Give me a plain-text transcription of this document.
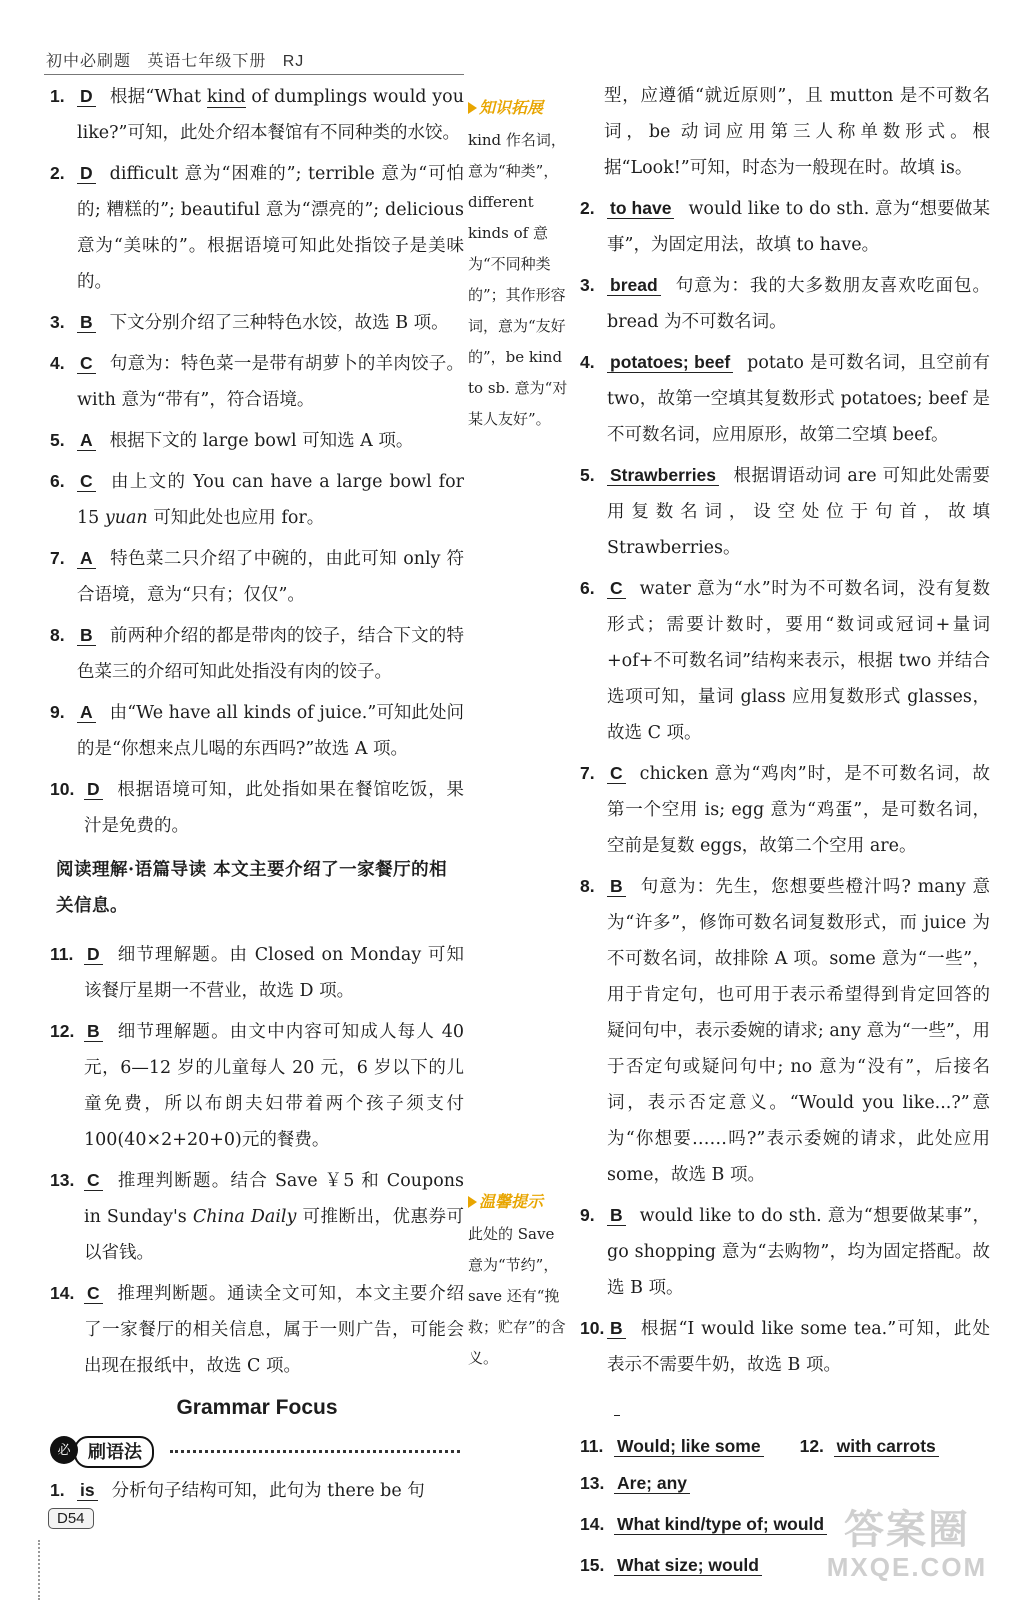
初中必刷题 英语七年级下册 RJ
1. D 根据“What kind of dumplings would you like?”可知，此处介绍本餐馆有不同种类的水饺。
2. D difficult 意为“困难的”; terrible 意为“可怕的; 糟糕的”; beautiful 意为“漂亮的”; delicious 意为“美味的”。根据语境可知此处指饺子是美味的。
3. B 下文分别介绍了三种特色水饺，故选 B 项。
4. C 句意为：特色菜一是带有胡萝卜的羊肉饺子。with 意为“带有”，符合语境。
5. A 根据下文的 large bowl 可知选 A 项。
6. C 由上文的 You can have a large bowl for 15 yuan 可知此处也应用 for。
7. A 特色菜二只介绍了中碗的，由此可知 only 符合语境，意为“只有；仅仅”。
8. B 前两种介绍的都是带肉的饺子，结合下文的特色菜三的介绍可知此处指没有肉的饺子。
9. A 由“We have all kinds of juice.”可知此处问的是“你想来点儿喝的东西吗?”故选 A 项。
10. D 根据语境可知，此处指如果在餐馆吃饭，果汁是免费的。
阅读理解·语篇导读 本文主要介绍了一家餐厅的相关信息。
11. D 细节理解题。由 Closed on Monday 可知该餐厅星期一不营业，故选 D 项。
12. B 细节理解题。由文中内容可知成人每人 40 元，6—12 岁的儿童每人 20 元，6 岁以下的儿童免费，所以布朗夫妇带着两个孩子须支付 100(40×2+20+0)元的餐费。
13. C 推理判断题。结合 Save ￥5 和 Coupons in Sunday's China Daily 可推断出，优惠券可以省钱。
14. C 推理判断题。通读全文可知，本文主要介绍了一家餐厅的相关信息，属于一则广告，可能会出现在报纸中，故选 C 项。
Grammar Focus
刷语法
必
1. is 分析句子结构可知，此句为 there be 句
知识拓展
kind 作名词，意为“种类”，different kinds of 意为“不同种类的”；其作形容词，意为“友好的”，be kind to sb. 意为“对某人友好”。
温馨提示
此处的 Save 意为“节约”，save 还有“挽救；贮存”的含义。
型，应遵循“就近原则”，且 mutton 是不可数名词，be 动词应用第三人称单数形式。根据“Look!”可知，时态为一般现在时。故填 is。
2. to have would like to do sth. 意为“想要做某事”，为固定用法，故填 to have。
3. bread 句意为：我的大多数朋友喜欢吃面包。bread 为不可数名词。
4. potatoes; beef potato 是可数名词，且空前有 two，故第一空填其复数形式 potatoes; beef 是不可数名词，应用原形，故第二空填 beef。
5. Strawberries 根据谓语动词 are 可知此处需要用复数名词，设空处位于句首，故填 Strawberries。
6. C water 意为“水”时为不可数名词，没有复数形式；需要计数时，要用“数词或冠词+量词+of+不可数名词”结构来表示，根据 two 并结合选项可知，量词 glass 应用复数形式 glasses，故选 C 项。
7. C chicken 意为“鸡肉”时，是不可数名词，故第一个空用 is; egg 意为“鸡蛋”，是可数名词，空前是复数 eggs，故第二个空用 are。
8. B 句意为：先生，您想要些橙汁吗? many 意为“许多”，修饰可数名词复数形式，而 juice 为不可数名词，故排除 A 项。some 意为“一些”，用于肯定句，也可用于表示希望得到肯定回答的疑问句中，表示委婉的请求; any 意为“一些”，用于否定句或疑问句中; no 意为“没有”，后接名词，表示否定意义。“Would you like...?”意为“你想要……吗?”表示委婉的请求，此处应用 some，故选 B 项。
9. B would like to do sth. 意为“想要做某事”，go shopping 意为“去购物”，均为固定搭配。故选 B 项。
10. B 根据“I would like some tea.”可知，此处表示不需要牛奶，故选 B 项。
11. Would; like some	12. with carrots
13. Are; any
14. What kind/type of; would
15. What size; would
D54	答案圈
MXQE.COM
